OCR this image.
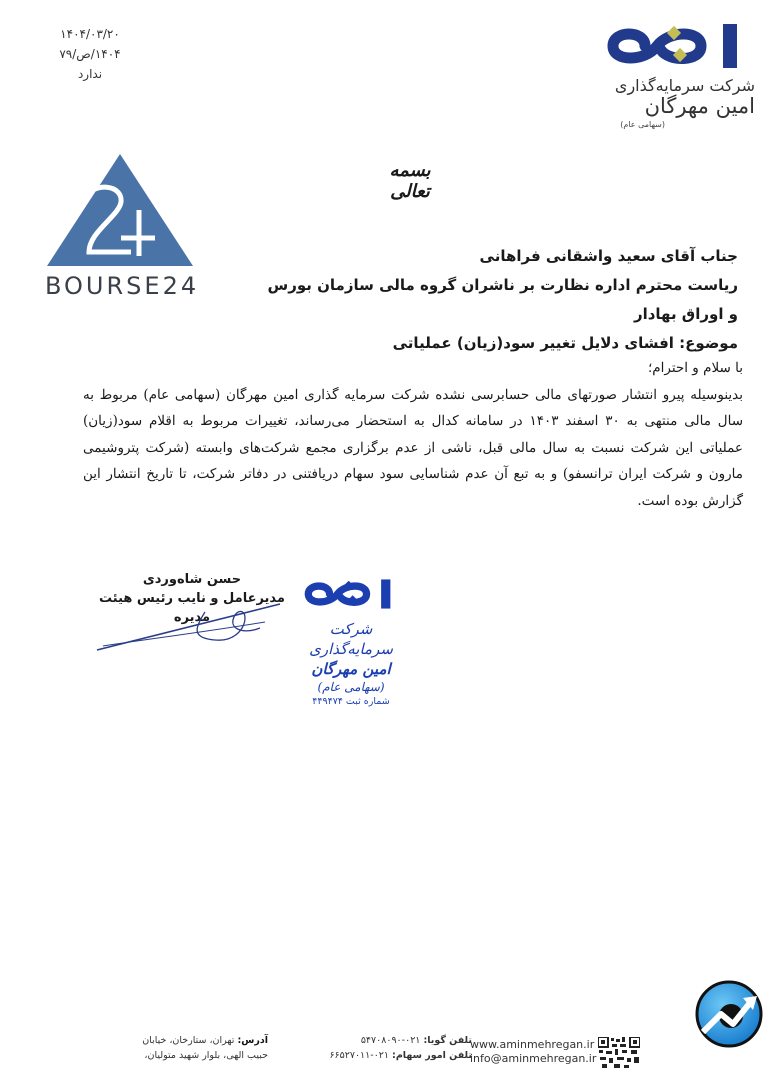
۱۴۰۴/۰۳/۲۰
۱۴۰۴/ص/۷۹
ندارد
شرکت سرمایه‌گذاری
امین مهرگان
(سهامی عام)
بسمه تعالی
BOURSE24
جناب آقای سعید واشقانی فراهانی
ریاست محترم اداره نظارت بر ناشران گروه مالی سازمان بورس و اوراق بهادار
موضوع: افشای دلایل تغییر سود(زیان) عملیاتی

با سلام و احترام؛

بدینوسیله پیرو انتشار صورتهای مالی حسابرسی نشده شرکت سرمایه گذاری امین مهرگان (سهامی عام) مربوط به سال مالی منتهی به ۳۰ اسفند ۱۴۰۳ در سامانه کدال به استحضار می‌رساند، تغییرات مربوط به اقلام سود(زیان) عملیاتی این شرکت نسبت به سال مالی قبل، ناشی از عدم برگزاری مجمع شرکت‌های وابسته (شرکت پتروشیمی مارون و شرکت ایران ترانسفو) و به تبع آن عدم شناسایی سود سهام دریافتنی در دفاتر شرکت، تا تاریخ انتشار این گزارش بوده است.

حسن شاه‌وردی
مدیرعامل و نایب رئیس هیئت مدیره
شرکت سرمایه‌گذاری
امین مهرگان
(سهامی عام)
شماره ثبت ۴۴۹۴۷۴
آدرس: تهران، ستارخان، خیابان
حبیب الهی، بلوار شهید متولیان،
تلفن گویا: ۰۲۱-۵۴۷۰۸۰۹۰
تلفن امور سهام: ۰۲۱-۶۶۵۲۷۰۱۱
www.aminmehregan.ir
info@aminmehregan.ir
